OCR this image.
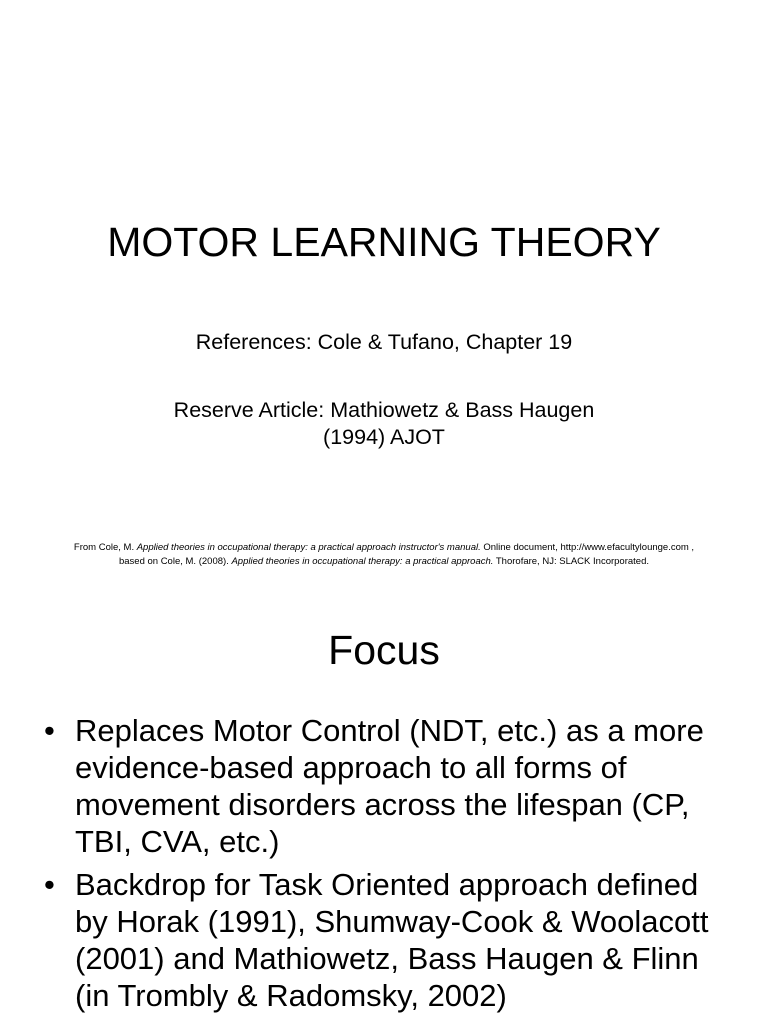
MOTOR LEARNING THEORY

References: Cole & Tufano, Chapter 19

Reserve Article: Mathiowetz & Bass Haugen
(1994) AJOT

From Cole, M. Applied theories in occupational therapy: a practical approach instructor's manual. Online document, http://www.efacultylounge.com ,
based on Cole, M. (2008). Applied theories in occupational therapy: a practical approach. Thorofare, NJ: SLACK Incorporated.

Focus
• Replaces Motor Control (NDT, etc.) as a more evidence-based approach to all forms of movement disorders across the lifespan (CP, TBI, CVA, etc.)
• Backdrop for Task Oriented approach defined by Horak (1991), Shumway-Cook & Woolacott (2001) and Mathiowetz, Bass Haugen & Flinn (in Trombly & Radomsky, 2002)
